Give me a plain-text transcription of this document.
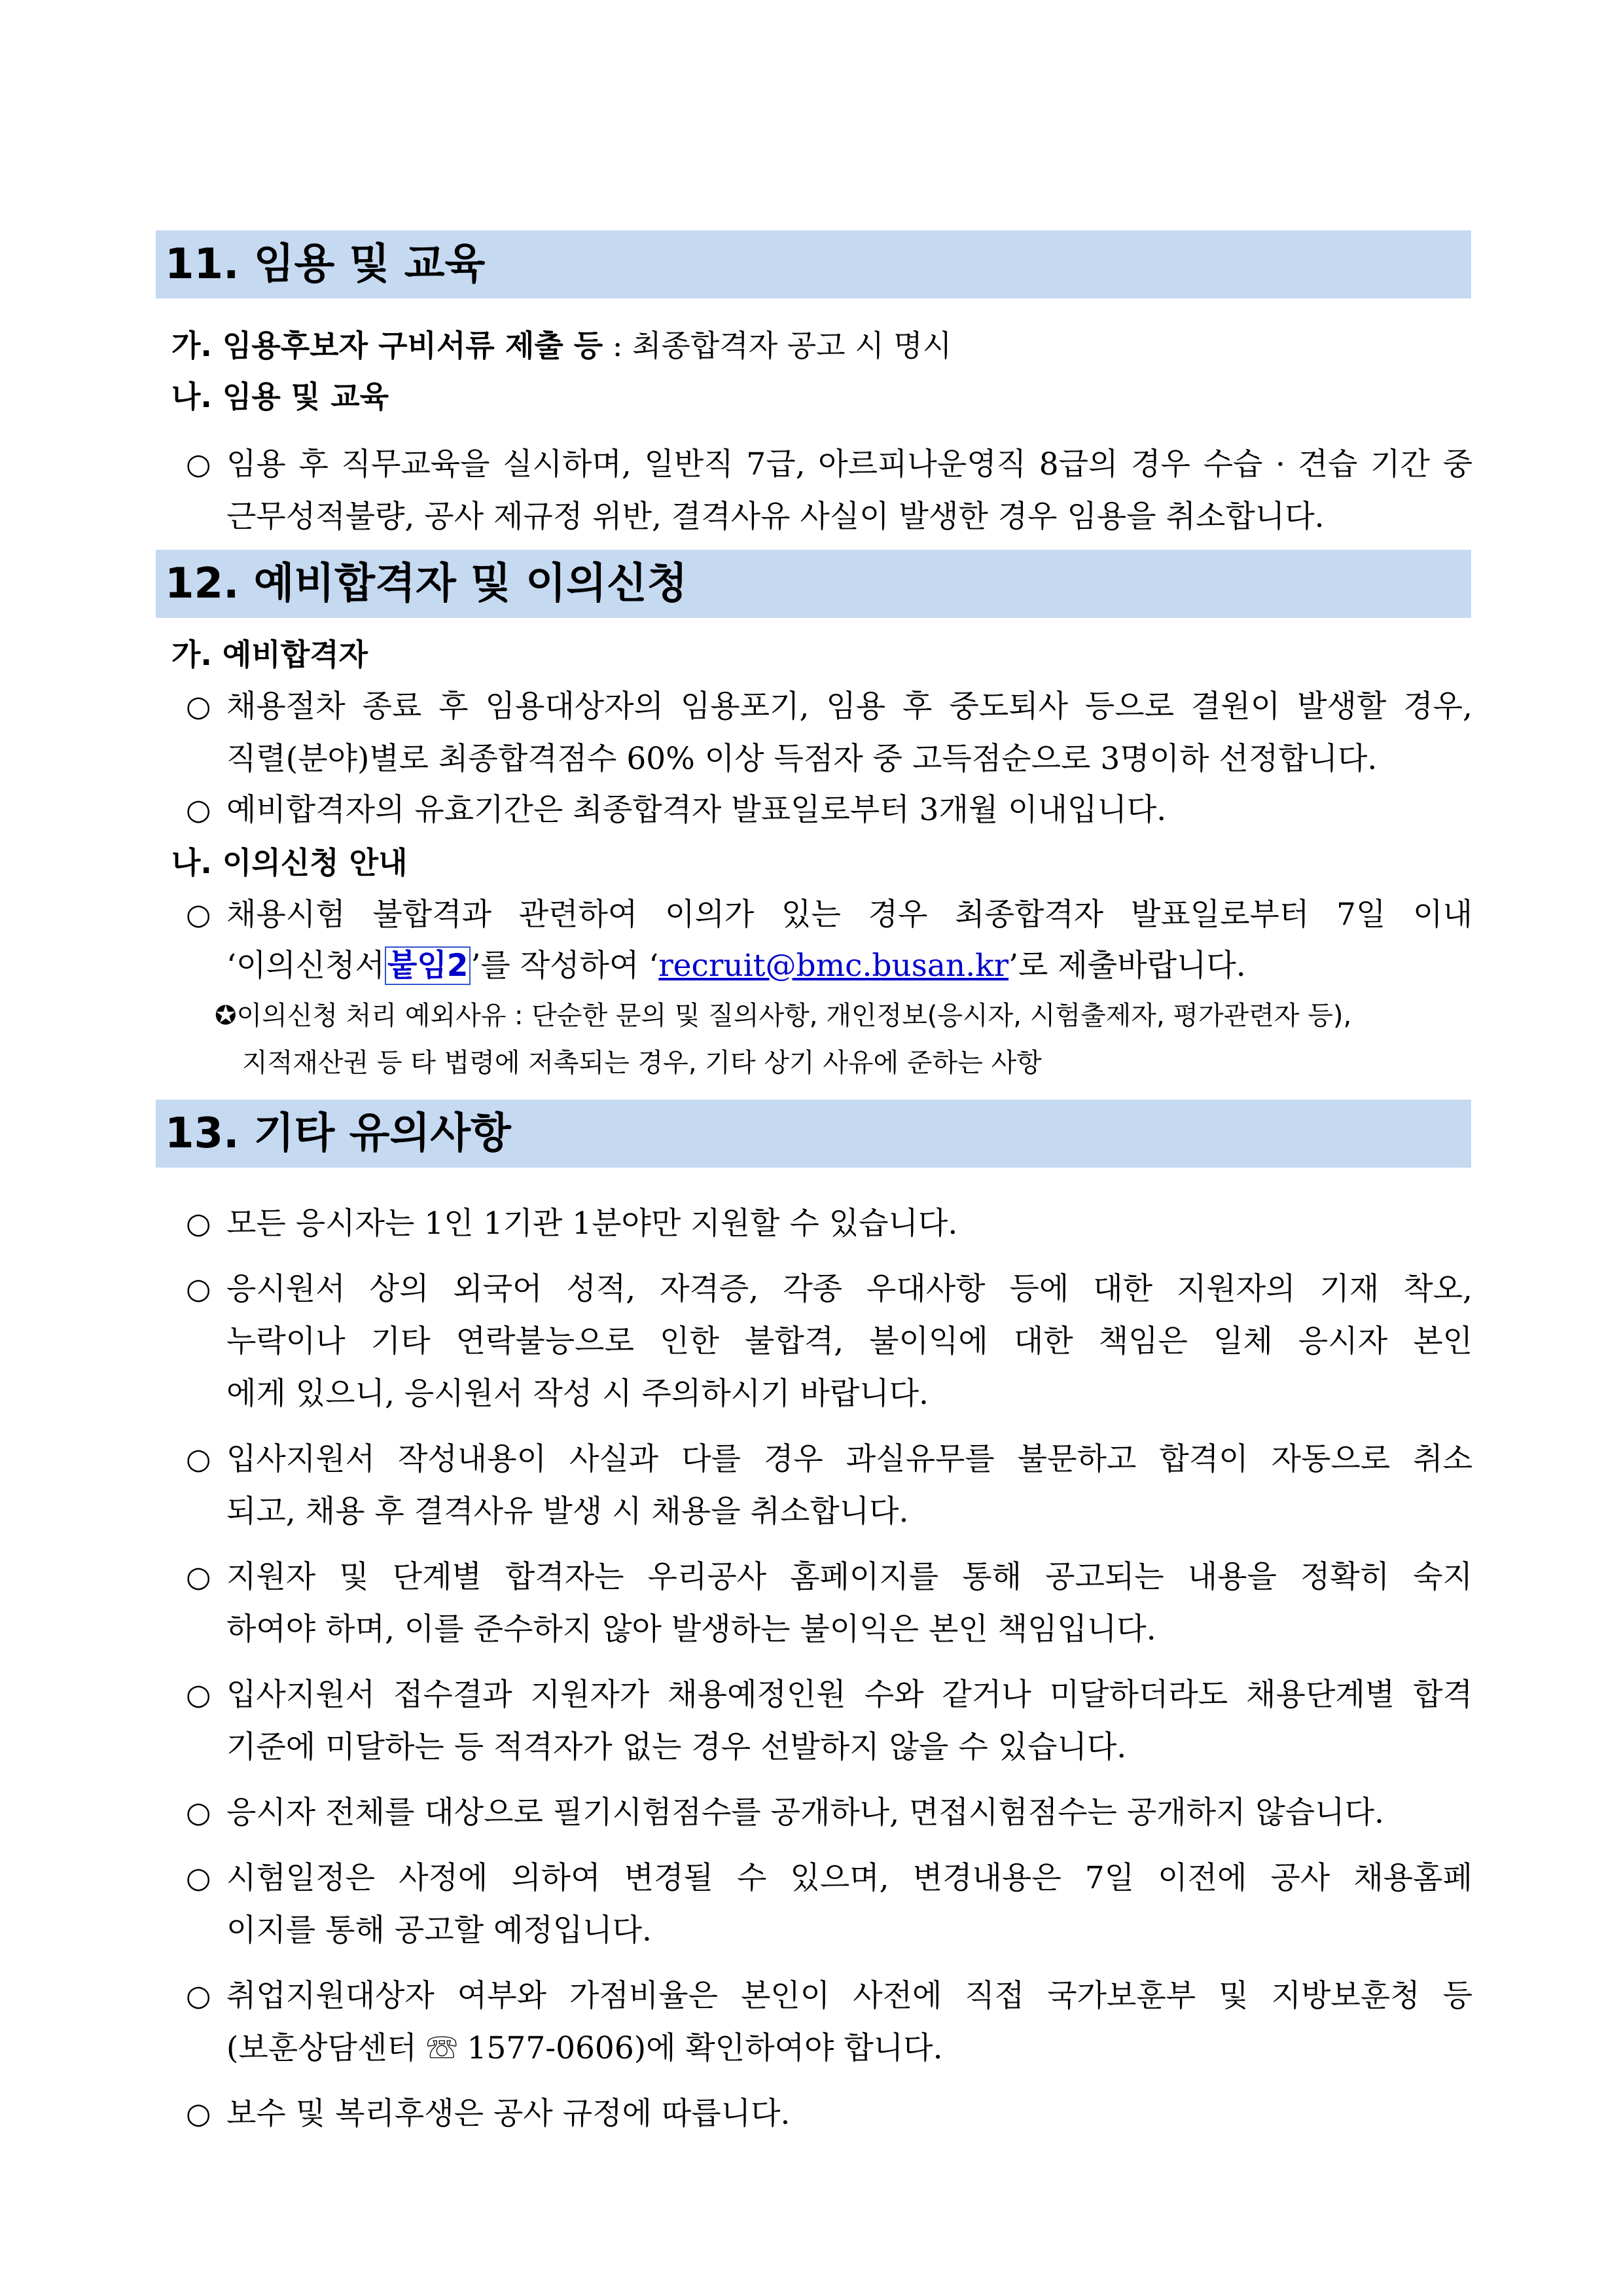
11. 임용 및 교육
가. 임용후보자 구비서류 제출 등 : 최종합격자 공고 시 명시
나. 임용 및 교육
○ 임용 후 직무교육을 실시하며, 일반직 7급, 아르피나운영직 8급의 경우 수습 · 견습 기간 중
근무성적불량, 공사 제규정 위반, 결격사유 사실이 발생한 경우 임용을 취소합니다.
12. 예비합격자 및 이의신청
가. 예비합격자
○ 채용절차 종료 후 임용대상자의 임용포기, 임용 후 중도퇴사 등으로 결원이 발생할 경우,
직렬(분야)별로 최종합격점수 60% 이상 득점자 중 고득점순으로 3명이하 선정합니다.
○ 예비합격자의 유효기간은 최종합격자 발표일로부터 3개월 이내입니다.
나. 이의신청 안내
○ 채용시험 불합격과 관련하여 이의가 있는 경우 최종합격자 발표일로부터 7일 이내
‘이의신청서붙임2’를 작성하여 ‘recruit@bmc.busan.kr’로 제출바랍니다.
✪이의신청 처리 예외사유 : 단순한 문의 및 질의사항, 개인정보(응시자, 시험출제자, 평가관련자 등),
지적재산권 등 타 법령에 저촉되는 경우, 기타 상기 사유에 준하는 사항
13. 기타 유의사항
○ 모든 응시자는 1인 1기관 1분야만 지원할 수 있습니다.
○ 응시원서 상의 외국어 성적, 자격증, 각종 우대사항 등에 대한 지원자의 기재 착오,
누락이나 기타 연락불능으로 인한 불합격, 불이익에 대한 책임은 일체 응시자 본인
에게 있으니, 응시원서 작성 시 주의하시기 바랍니다.
○ 입사지원서 작성내용이 사실과 다를 경우 과실유무를 불문하고 합격이 자동으로 취소
되고, 채용 후 결격사유 발생 시 채용을 취소합니다.
○ 지원자 및 단계별 합격자는 우리공사 홈페이지를 통해 공고되는 내용을 정확히 숙지
하여야 하며, 이를 준수하지 않아 발생하는 불이익은 본인 책임입니다.
○ 입사지원서 접수결과 지원자가 채용예정인원 수와 같거나 미달하더라도 채용단계별 합격
기준에 미달하는 등 적격자가 없는 경우 선발하지 않을 수 있습니다.
○ 응시자 전체를 대상으로 필기시험점수를 공개하나, 면접시험점수는 공개하지 않습니다.
○ 시험일정은 사정에 의하여 변경될 수 있으며, 변경내용은 7일 이전에 공사 채용홈페
이지를 통해 공고할 예정입니다.
○ 취업지원대상자 여부와 가점비율은 본인이 사전에 직접 국가보훈부 및 지방보훈청 등
(보훈상담센터 ☏ 1577-0606)에 확인하여야 합니다.
○ 보수 및 복리후생은 공사 규정에 따릅니다.
